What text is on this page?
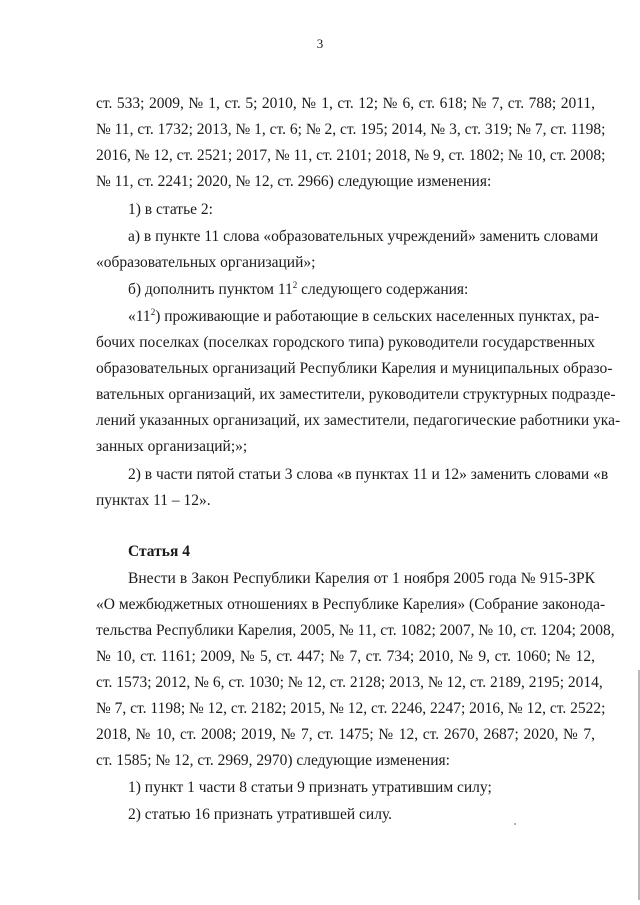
3
ст. 533; 2009, № 1, ст. 5; 2010, № 1, ст. 12; № 6, ст. 618; № 7, ст. 788; 2011,
№ 11, ст. 1732; 2013, № 1, ст. 6; № 2, ст. 195; 2014, № 3, ст. 319; № 7, ст. 1198;
2016, № 12, ст. 2521; 2017, № 11, ст. 2101; 2018, № 9, ст. 1802; № 10, ст. 2008;
№ 11, ст. 2241; 2020, № 12, ст. 2966) следующие изменения:
1) в статье 2:
а) в пункте 11 слова «образовательных учреждений» заменить словами
«образовательных организаций»;
б) дополнить пунктом $11^2$ следующего содержания:
«$11^2$) проживающие и работающие в сельских населенных пунктах, ра-
бочих поселках (поселках городского типа) руководители государственных
образовательных организаций Республики Карелия и муниципальных образо-
вательных организаций, их заместители, руководители структурных подразде-
лений указанных организаций, их заместители, педагогические работники ука-
занных организаций;»;
2) в части пятой статьи 3 слова «в пунктах 11 и 12» заменить словами «в
пунктах 11 – 12».
Статья 4
Внести в Закон Республики Карелия от 1 ноября 2005 года № 915-ЗРК
«О межбюджетных отношениях в Республике Карелия» (Собрание законода-
тельства Республики Карелия, 2005, № 11, ст. 1082; 2007, № 10, ст. 1204; 2008,
№ 10, ст. 1161; 2009, № 5, ст. 447; № 7, ст. 734; 2010, № 9, ст. 1060; № 12,
ст. 1573; 2012, № 6, ст. 1030; № 12, ст. 2128; 2013, № 12, ст. 2189, 2195; 2014,
№ 7, ст. 1198; № 12, ст. 2182; 2015, № 12, ст. 2246, 2247; 2016, № 12, ст. 2522;
2018, № 10, ст. 2008; 2019, № 7, ст. 1475; № 12, ст. 2670, 2687; 2020, № 7,
ст. 1585; № 12, ст. 2969, 2970) следующие изменения:
1) пункт 1 части 8 статьи 9 признать утратившим силу;
2) статью 16 признать утратившей силу.
